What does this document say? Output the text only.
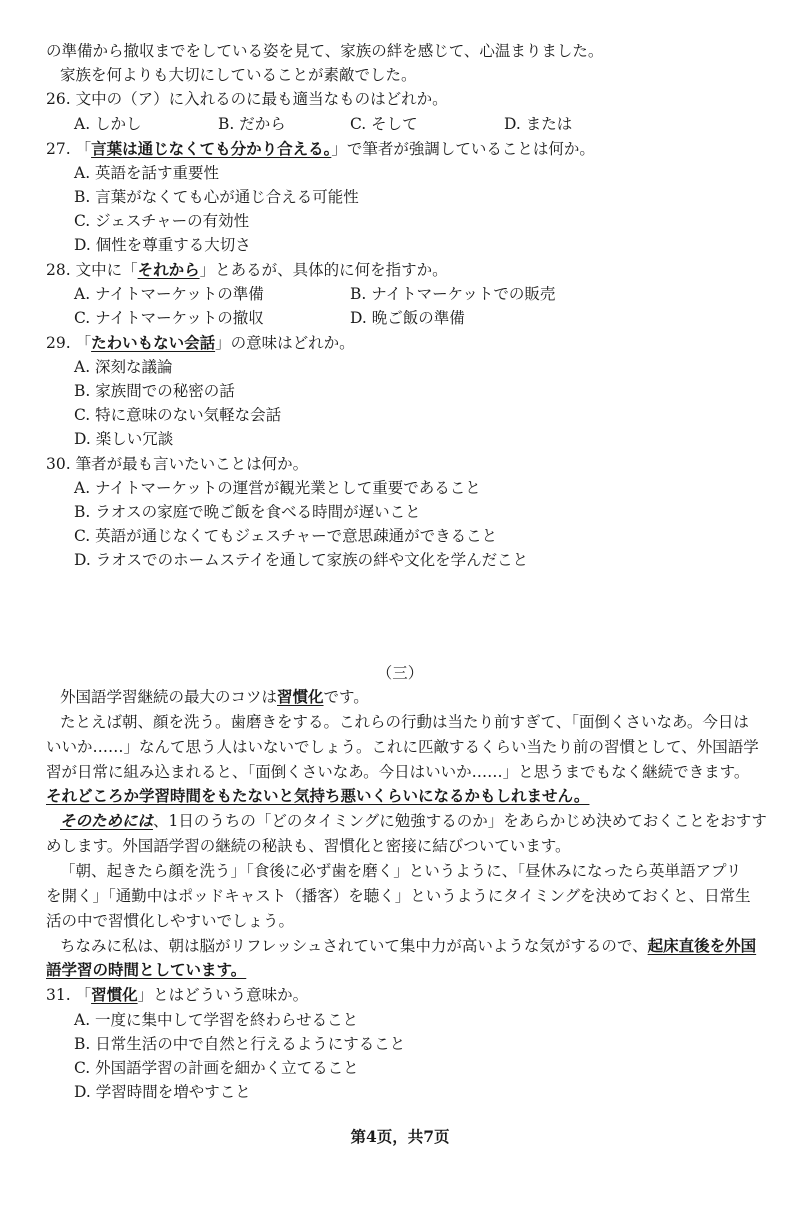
の準備から撤収までをしている姿を見て、家族の絆を感じて、心温まりました。
家族を何よりも大切にしていることが素敵でした。
26. 文中の（ア）に入れるのに最も適当なものはどれか。
A. しかし	B. だから	C. そして	D. または
27. 「言葉は通じなくても分かり合える。」で筆者が強調していることは何か。
A. 英語を話す重要性
B. 言葉がなくても心が通じ合える可能性
C. ジェスチャーの有効性
D. 個性を尊重する大切さ
28. 文中に「それから」とあるが、具体的に何を指すか。
A. ナイトマーケットの準備	B. ナイトマーケットでの販売
C. ナイトマーケットの撤収	D. 晩ご飯の準備
29. 「たわいもない会話」の意味はどれか。
A. 深刻な議論
B. 家族間での秘密の話
C. 特に意味のない気軽な会話
D. 楽しい冗談
30. 筆者が最も言いたいことは何か。
A. ナイトマーケットの運営が観光業として重要であること
B. ラオスの家庭で晩ご飯を食べる時間が遅いこと
C. 英語が通じなくてもジェスチャーで意思疎通ができること
D. ラオスでのホームステイを通して家族の絆や文化を学んだこと
（三）
外国語学習継続の最大のコツは習慣化です。
たとえば朝、顔を洗う。歯磨きをする。これらの行動は当たり前すぎて、「面倒くさいなあ。今日は
いいか……」なんて思う人はいないでしょう。これに匹敵するくらい当たり前の習慣として、外国語学
習が日常に組み込まれると、「面倒くさいなあ。今日はいいか……」と思うまでもなく継続できます。
それどころか学習時間をもたないと気持ち悪いくらいになるかもしれません。
そのためには、1日のうちの「どのタイミングに勉強するのか」をあらかじめ決めておくことをおすす
めします。外国語学習の継続の秘訣も、習慣化と密接に結びついています。
「朝、起きたら顔を洗う」「食後に必ず歯を磨く」というように、「昼休みになったら英単語アプリ
を開く」「通勤中はポッドキャスト（播客）を聴く」というようにタイミングを決めておくと、日常生
活の中で習慣化しやすいでしょう。
ちなみに私は、朝は脳がリフレッシュされていて集中力が高いような気がするので、起床直後を外国
語学習の時間としています。
31. 「習慣化」とはどういう意味か。
A. 一度に集中して学習を終わらせること
B. 日常生活の中で自然と行えるようにすること
C. 外国語学習の計画を細かく立てること
D. 学習時間を増やすこと
第4页，共7页
